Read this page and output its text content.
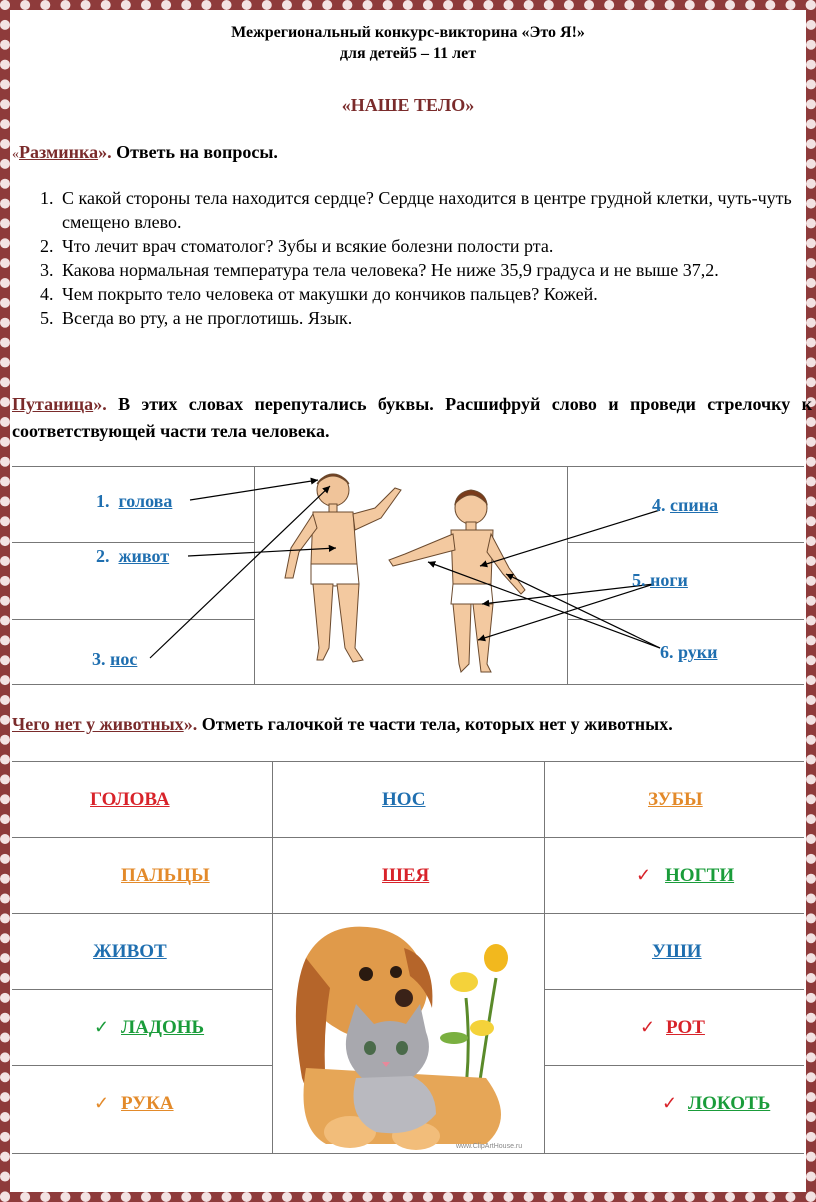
Межрегиональный конкурс-викторина «Это Я!»
для детей5 – 11 лет
«НАШЕ ТЕЛО»
«Разминка». Ответь на вопросы.
1. С какой стороны тела находится сердце? Сердце находится в центре грудной клетки, чуть-чуть смещено влево.
2. Что лечит врач стоматолог? Зубы и всякие болезни полости рта.
3. Какова нормальная температура тела человека? Не ниже 35,9 градуса и не выше 37,2.
4. Чем покрыто тело человека от макушки до кончиков пальцев? Кожей.
5. Всегда во рту, а не проглотишь. Язык.
Путаница». В этих словах перепутались буквы. Расшифруй слово и проведи стрелочку к соответствующей части тела человека.

1. голова
2. живот
3. нос
4. спина
5. ноги
6. руки
Чего нет у животных». Отметь галочкой те части тела, которых нет у животных.

ГОЛОВА	НОС	ЗУБЫ
ПАЛЬЦЫ	ШЕЯ	✓ НОГТИ
ЖИВОТ	УШИ
✓ ЛАДОНЬ	✓ РОТ
✓ РУКА	✓ ЛОКОТЬ
www.ClipArtHouse.ru
